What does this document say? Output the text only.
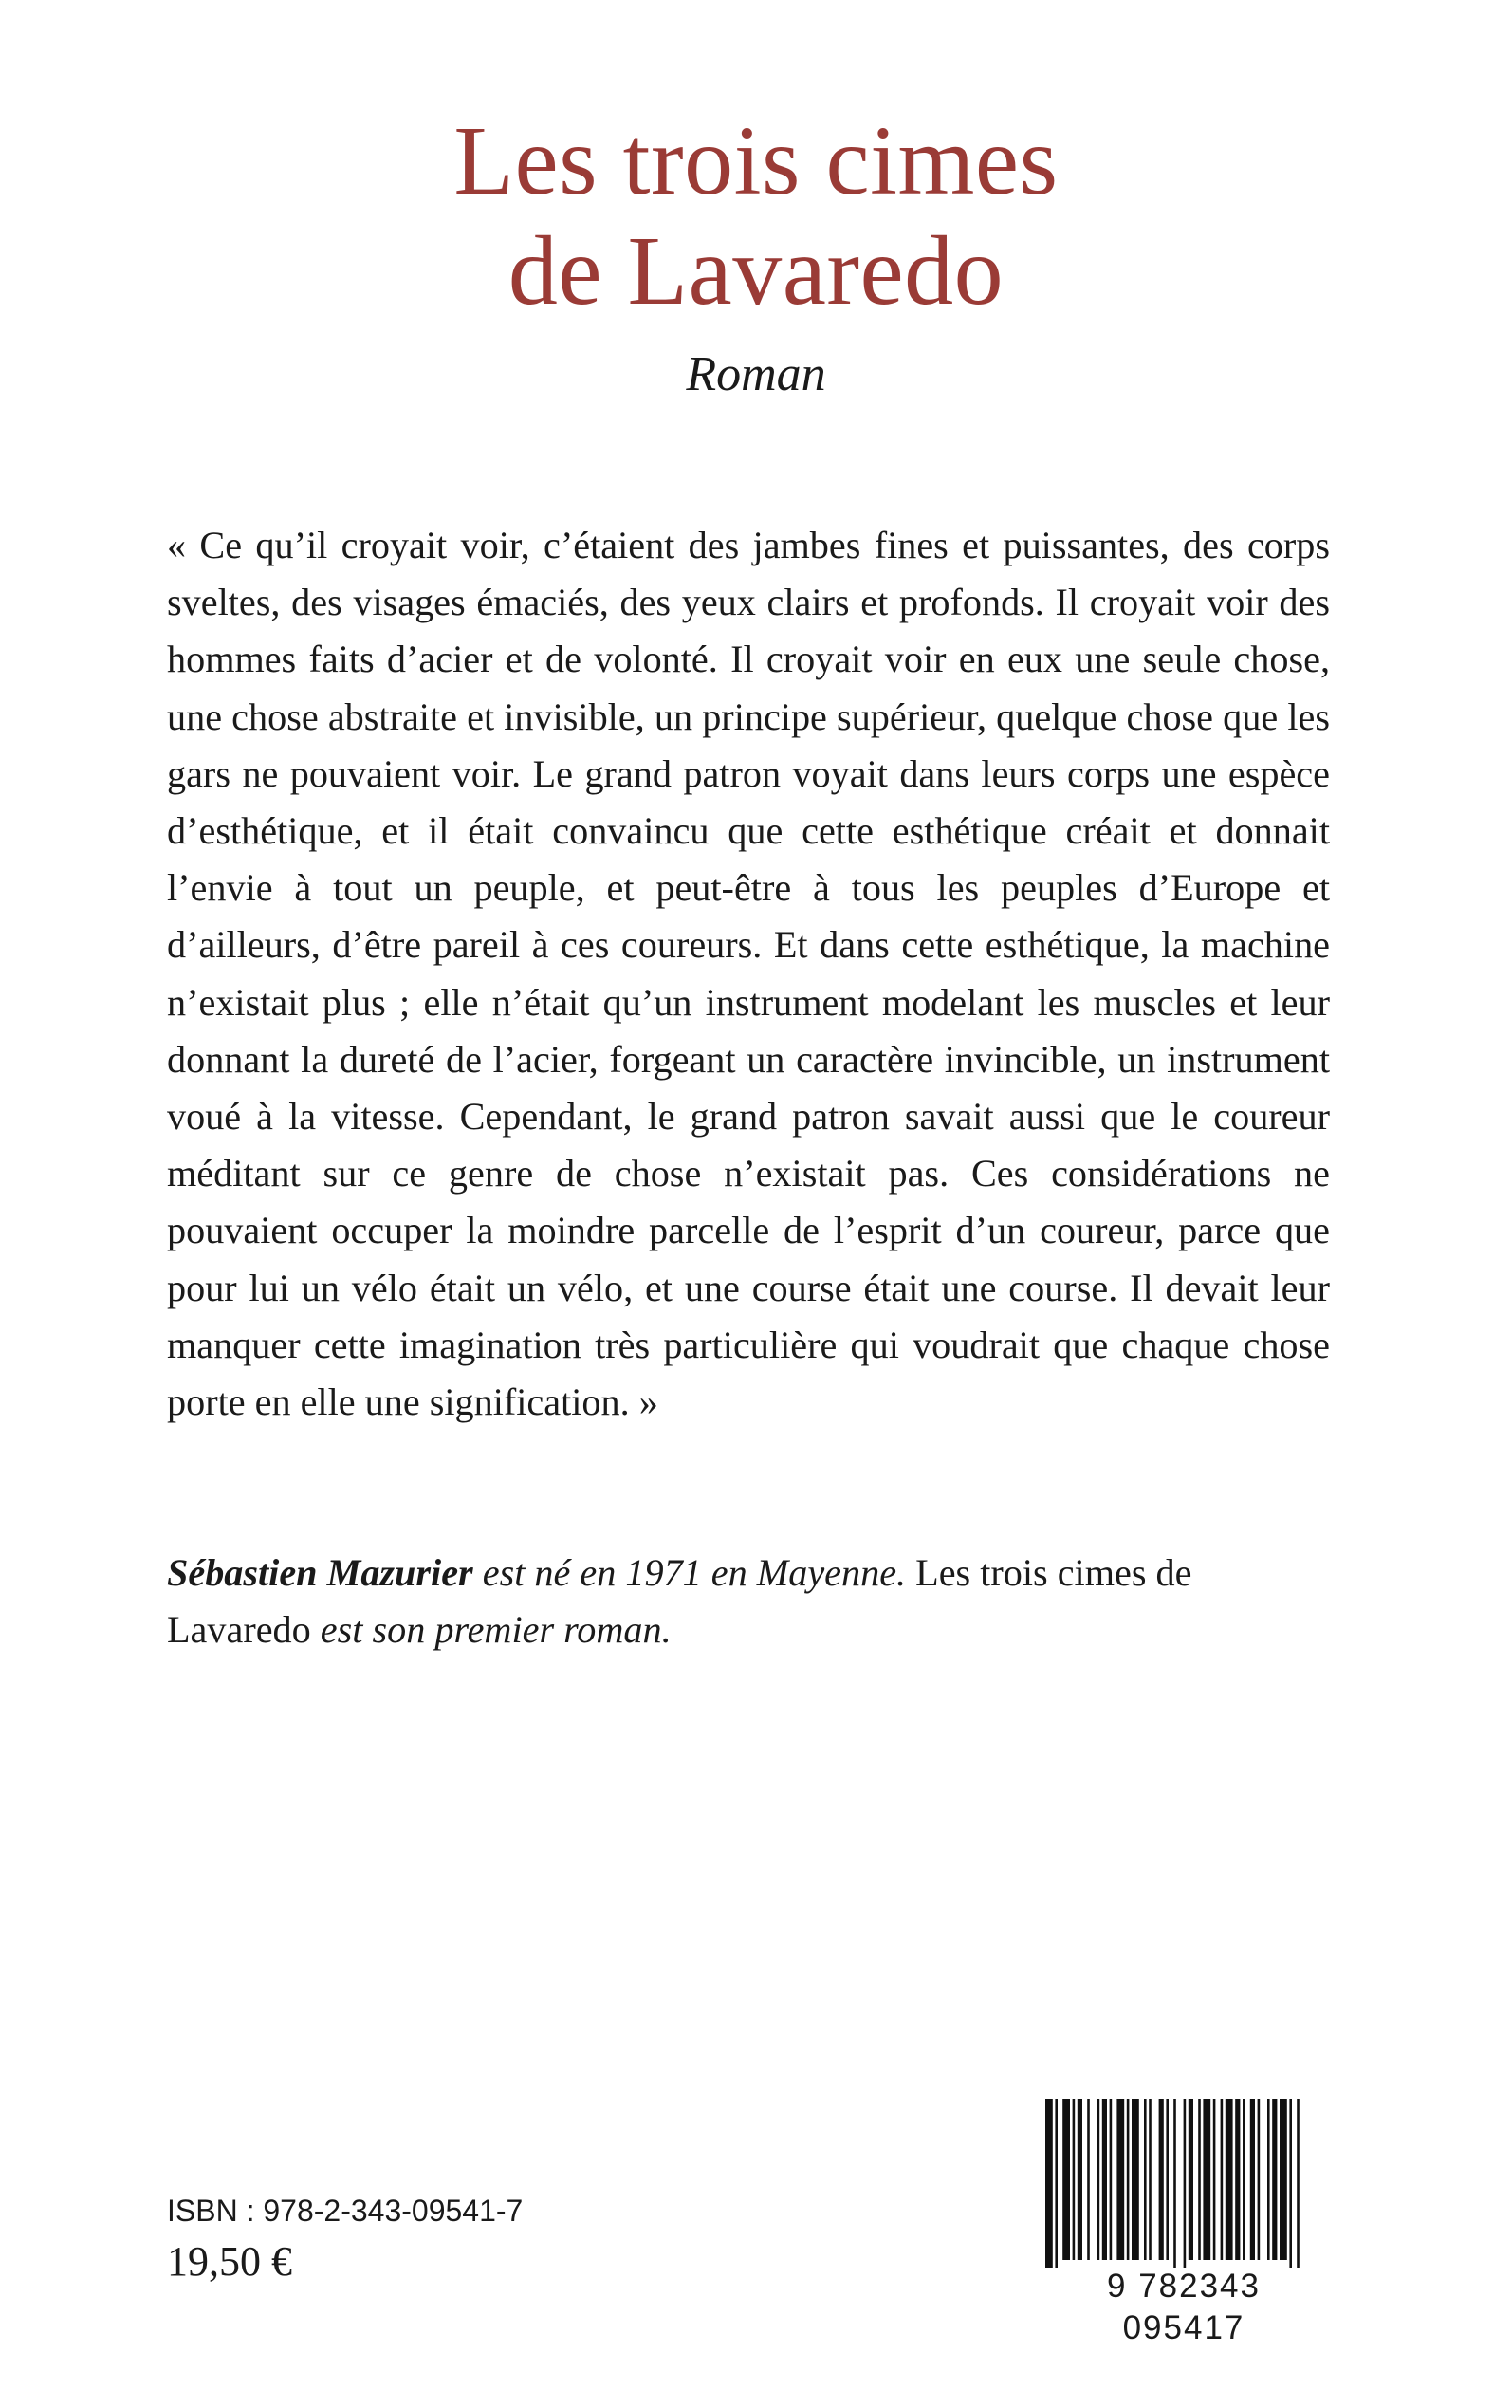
Les trois cimes
de Lavaredo
Roman

« Ce qu’il croyait voir, c’étaient des jambes fines et puissantes, des corps sveltes, des visages émaciés, des yeux clairs et profonds. Il croyait voir des hommes faits d’acier et de volonté. Il croyait voir en eux une seule chose, une chose abstraite et invisible, un principe supérieur, quelque chose que les gars ne pouvaient voir. Le grand patron voyait dans leurs corps une espèce d’esthétique, et il était convaincu que cette esthétique créait et donnait l’envie à tout un peuple, et peut-être à tous les peuples d’Europe et d’ailleurs, d’être pareil à ces coureurs. Et dans cette esthétique, la machine n’existait plus ; elle n’était qu’un instrument modelant les muscles et leur donnant la dureté de l’acier, forgeant un caractère invincible, un instrument voué à la vitesse. Cependant, le grand patron savait aussi que le coureur méditant sur ce genre de chose n’existait pas. Ces considérations ne pouvaient occuper la moindre parcelle de l’esprit d’un coureur, parce que pour lui un vélo était un vélo, et une course était une course. Il devait leur manquer cette imagination très particulière qui voudrait que chaque chose porte en elle une signification. »

Sébastien Mazurier est né en 1971 en Mayenne. Les trois cimes de Lavaredo est son premier roman.

ISBN : 978-2-343-09541-7
19,50 €
9 782343 095417
